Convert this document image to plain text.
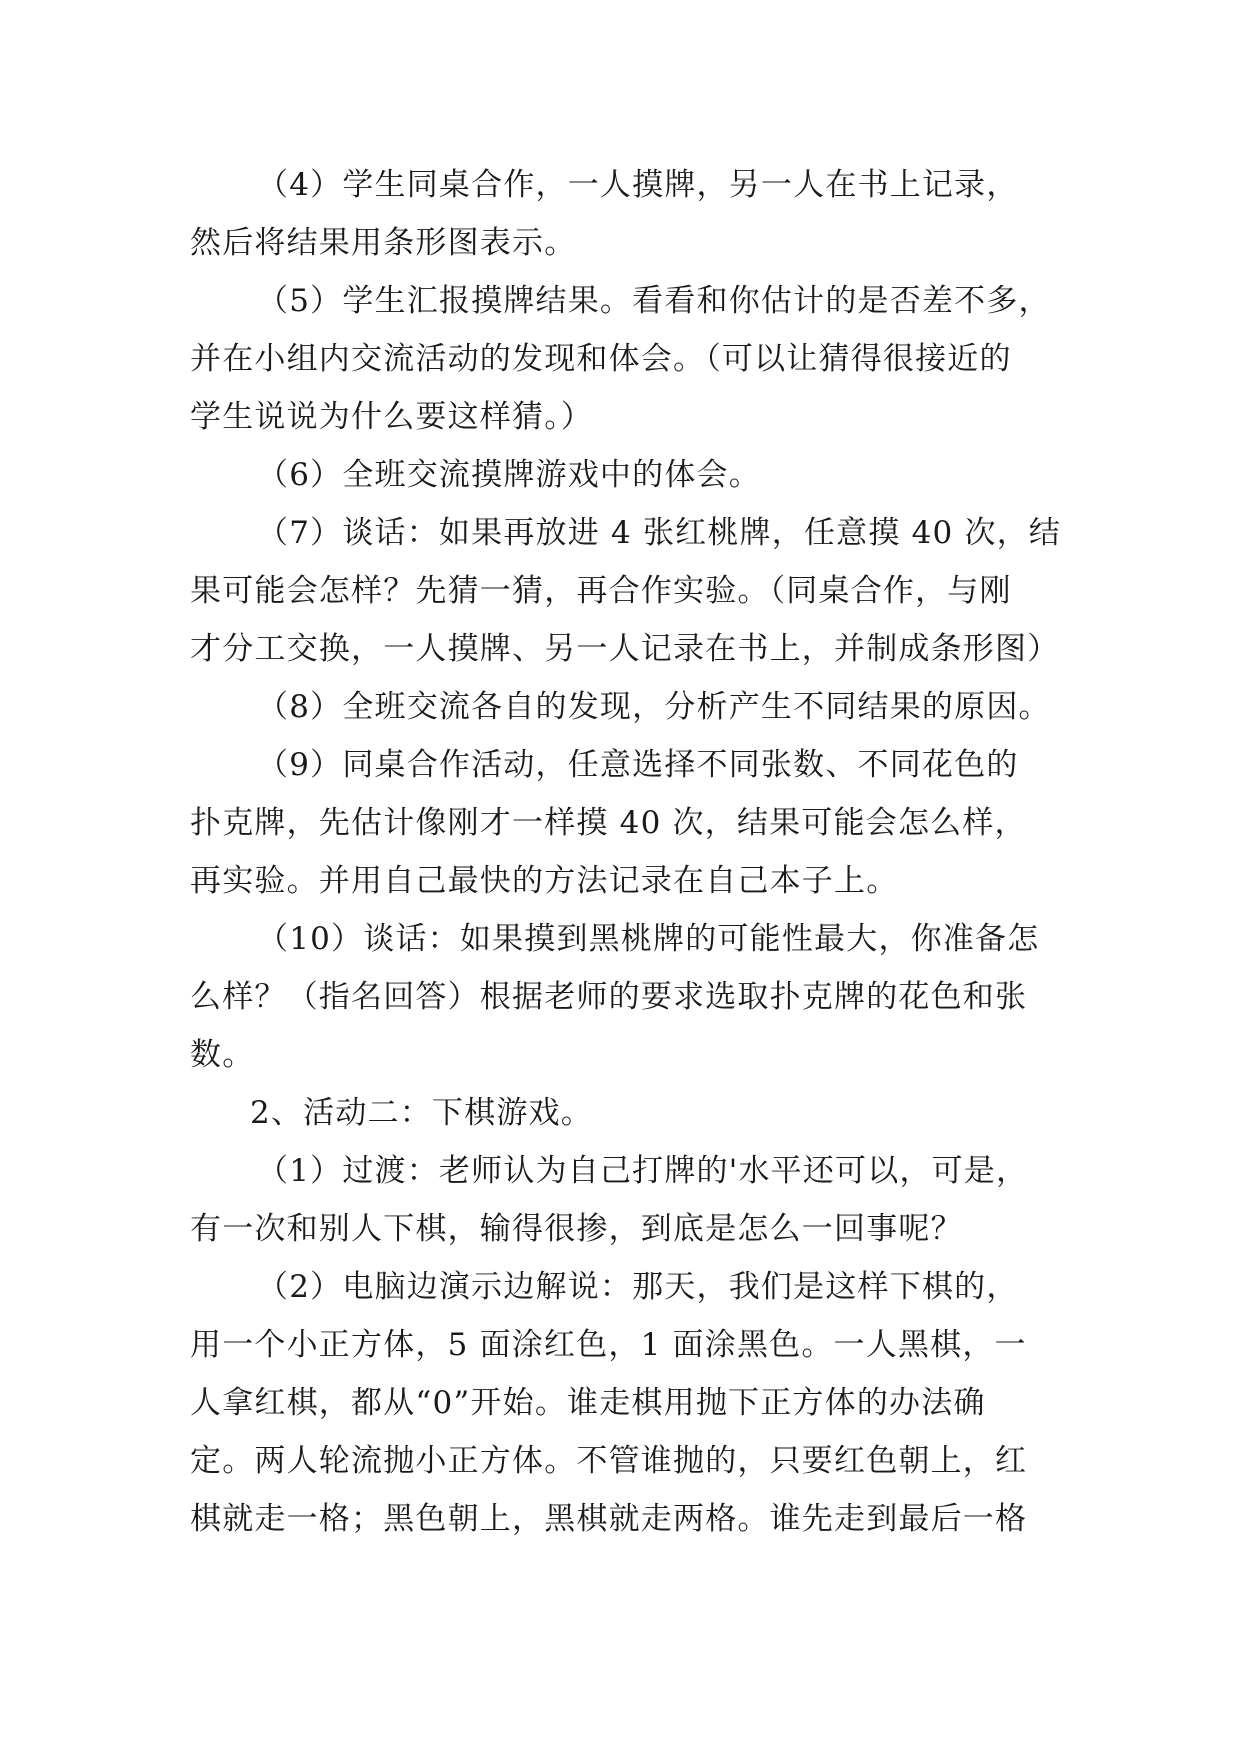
（4）学生同桌合作，一人摸牌，另一人在书上记录，
然后将结果用条形图表示。
（5）学生汇报摸牌结果。看看和你估计的是否差不多，
并在小组内交流活动的发现和体会。（可以让猜得很接近的
学生说说为什么要这样猜。）
（6）全班交流摸牌游戏中的体会。
（7）谈话：如果再放进 4 张红桃牌，任意摸 40 次，结
果可能会怎样？先猜一猜，再合作实验。（同桌合作，与刚
才分工交换，一人摸牌、另一人记录在书上，并制成条形图）
（8）全班交流各自的发现，分析产生不同结果的原因。
（9）同桌合作活动，任意选择不同张数、不同花色的
扑克牌，先估计像刚才一样摸 40 次，结果可能会怎么样，
再实验。并用自己最快的方法记录在自己本子上。
（10）谈话：如果摸到黑桃牌的可能性最大，你准备怎
么样？（指名回答）根据老师的要求选取扑克牌的花色和张
数。
2、活动二：下棋游戏。
（1）过渡：老师认为自己打牌的'水平还可以，可是，
有一次和别人下棋，输得很掺，到底是怎么一回事呢？
（2）电脑边演示边解说：那天，我们是这样下棋的，
用一个小正方体，5 面涂红色，1 面涂黑色。一人黑棋，一
人拿红棋，都从“0”开始。谁走棋用抛下正方体的办法确
定。两人轮流抛小正方体。不管谁抛的，只要红色朝上，红
棋就走一格；黑色朝上，黑棋就走两格。谁先走到最后一格
